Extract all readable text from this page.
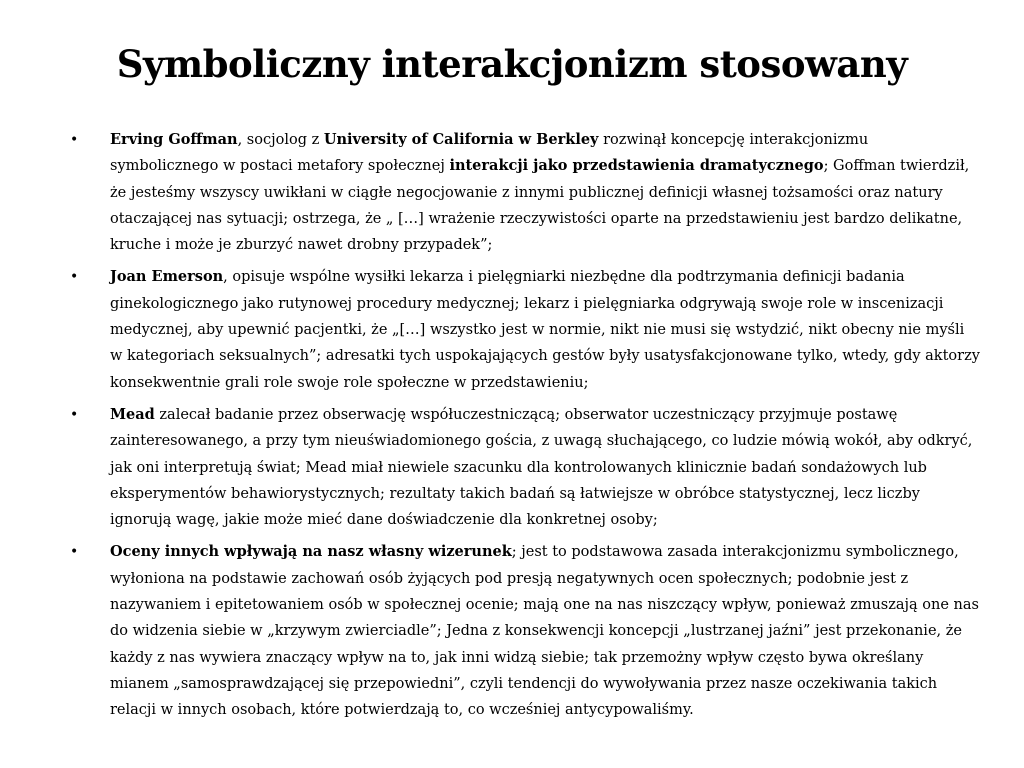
Symboliczny interakcjonizm stosowany
• Erving Goffman, socjolog z University of California w Berkley rozwinął koncepcję interakcjonizmu symbolicznego w postaci metafory społecznej interakcji jako przedstawienia dramatycznego; Goffman twierdził, że jesteśmy wszyscy uwikłani w ciągłe negocjowanie z innymi publicznej definicji własnej tożsamości oraz natury otaczającej nas sytuacji; ostrzega, że „ […] wrażenie rzeczywistości oparte na przedstawieniu jest bardzo delikatne, kruche i może je zburzyć nawet drobny przypadek”;
• Joan Emerson, opisuje wspólne wysiłki lekarza i pielęgniarki niezbędne dla podtrzymania definicji badania ginekologicznego jako rutynowej procedury medycznej; lekarz i pielęgniarka odgrywają swoje role w inscenizacji medycznej, aby upewnić pacjentki, że „[…] wszystko jest w normie, nikt nie musi się wstydzić, nikt obecny nie myśli w kategoriach seksualnych”; adresatki tych uspokajających gestów były usatysfakcjonowane tylko, wtedy, gdy aktorzy konsekwentnie grali role swoje role społeczne w przedstawieniu;
• Mead zalecał badanie przez obserwację współuczestniczącą; obserwator uczestniczący przyjmuje postawę zainteresowanego, a przy tym nieuświadomionego gościa, z uwagą słuchającego, co ludzie mówią wokół, aby odkryć, jak oni interpretują świat; Mead miał niewiele szacunku dla kontrolowanych klinicznie badań sondażowych lub eksperymentów behawiorystycznych; rezultaty takich badań są łatwiejsze w obróbce statystycznej, lecz liczby ignorują wagę, jakie może mieć dane doświadczenie dla konkretnej osoby;
• Oceny innych wpływają na nasz własny wizerunek; jest to podstawowa zasada interakcjonizmu symbolicznego, wyłoniona na podstawie zachowań osób żyjących pod presją negatywnych ocen społecznych; podobnie jest z nazywaniem i epitetowaniem osób w społecznej ocenie; mają one na nas niszczący wpływ, ponieważ zmuszają one nas do widzenia siebie w „krzywym zwierciadle”; Jedna z konsekwencji koncepcji „lustrzanej jaźni” jest przekonanie, że każdy z nas wywiera znaczący wpływ na to, jak inni widzą siebie; tak przemożny wpływ często bywa określany mianem „samosprawdzającej się przepowiedni”, czyli tendencji do wywoływania przez nasze oczekiwania takich relacji w innych osobach, które potwierdzają to, co wcześniej antycypowaliśmy.
